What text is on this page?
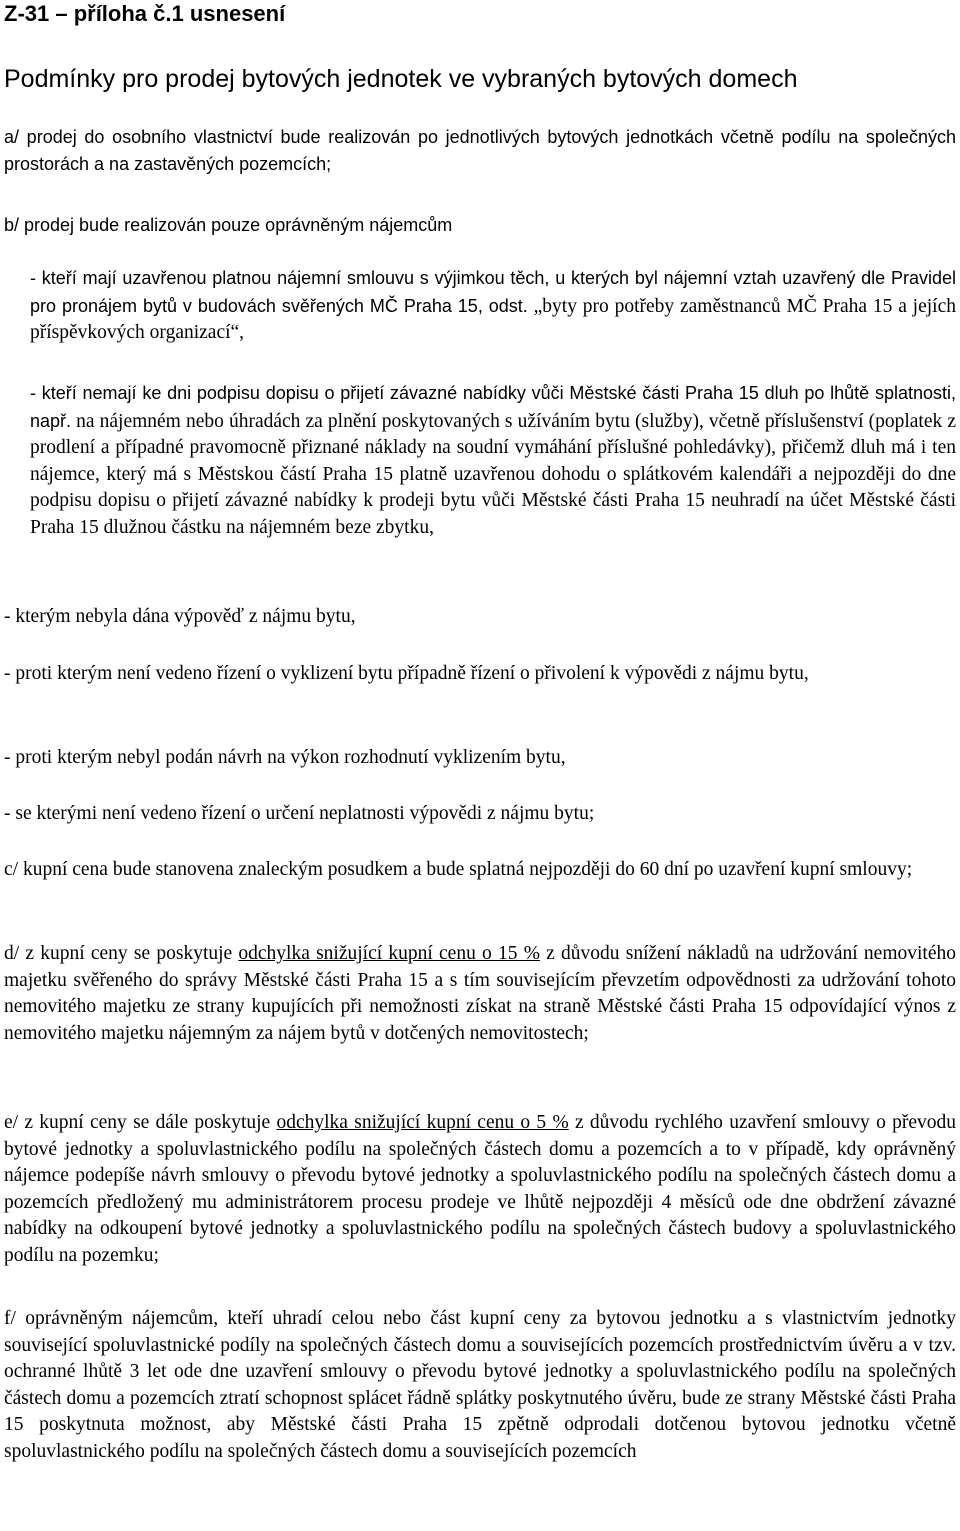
Z-31 – příloha č.1 usnesení
Podmínky pro prodej bytových jednotek ve vybraných bytových domech

a/ prodej do osobního vlastnictví bude realizován po jednotlivých bytových jednotkách včetně podílu na společných prostorách a na zastavěných pozemcích;

b/ prodej bude realizován pouze oprávněným nájemcům

- kteří mají uzavřenou platnou nájemní smlouvu s výjimkou těch, u kterých byl nájemní vztah uzavřený dle Pravidel pro pronájem bytů v budovách svěřených MČ Praha 15, odst. „byty pro potřeby zaměstnanců MČ Praha 15 a jejích příspěvkových organizací“,

- kteří nemají ke dni podpisu dopisu o přijetí závazné nabídky vůči Městské části Praha 15 dluh po lhůtě splatnosti, např. na nájemném nebo úhradách za plnění poskytovaných s užíváním bytu (služby), včetně příslušenství (poplatek z prodlení a případné pravomocně přiznané náklady na soudní vymáhání příslušné pohledávky), přičemž dluh má i ten nájemce, který má s Městskou částí Praha 15 platně uzavřenou dohodu o splátkovém kalendáři a nejpozději do dne podpisu dopisu o přijetí závazné nabídky k prodeji bytu vůči Městské části Praha 15 neuhradí na účet Městské části Praha 15 dlužnou částku na nájemném beze zbytku,

- kterým nebyla dána výpověď z nájmu bytu,

- proti kterým není vedeno řízení o vyklizení bytu případně řízení o přivolení k výpovědi z nájmu bytu,

- proti kterým nebyl podán návrh na výkon rozhodnutí vyklizením bytu,

- se kterými není vedeno řízení o určení neplatnosti výpovědi z nájmu bytu;

c/ kupní cena bude stanovena znaleckým posudkem a bude splatná nejpozději do 60 dní po uzavření kupní smlouvy;

d/ z kupní ceny se poskytuje odchylka snižující kupní cenu o 15 % z důvodu snížení nákladů na udržování nemovitého majetku svěřeného do správy Městské části Praha 15 a s tím souvisejícím převzetím odpovědnosti za udržování tohoto nemovitého majetku ze strany kupujících při nemožnosti získat na straně Městské části Praha 15 odpovídající výnos z nemovitého majetku nájemným za nájem bytů v dotčených nemovitostech;

e/ z kupní ceny se dále poskytuje odchylka snižující kupní cenu o 5 % z důvodu rychlého uzavření smlouvy o převodu bytové jednotky a spoluvlastnického podílu na společných částech domu a pozemcích a to v případě, kdy oprávněný nájemce podepíše návrh smlouvy o převodu bytové jednotky a spoluvlastnického podílu na společných částech domu a pozemcích předložený mu administrátorem procesu prodeje ve lhůtě nejpozději 4 měsíců ode dne obdržení závazné nabídky na odkoupení bytové jednotky a spoluvlastnického podílu na společných částech budovy a spoluvlastnického podílu na pozemku;

f/ oprávněným nájemcům, kteří uhradí celou nebo část kupní ceny za bytovou jednotku a s vlastnictvím jednotky související spoluvlastnické podíly na společných částech domu a souvisejících pozemcích prostřednictvím úvěru a v tzv. ochranné lhůtě 3 let ode dne uzavření smlouvy o převodu bytové jednotky a spoluvlastnického podílu na společných částech domu a pozemcích ztratí schopnost splácet řádně splátky poskytnutého úvěru, bude ze strany Městské části Praha 15 poskytnuta možnost, aby Městské části Praha 15 zpětně odprodali dotčenou bytovou jednotku včetně spoluvlastnického podílu na společných částech domu a souvisejících pozemcích
